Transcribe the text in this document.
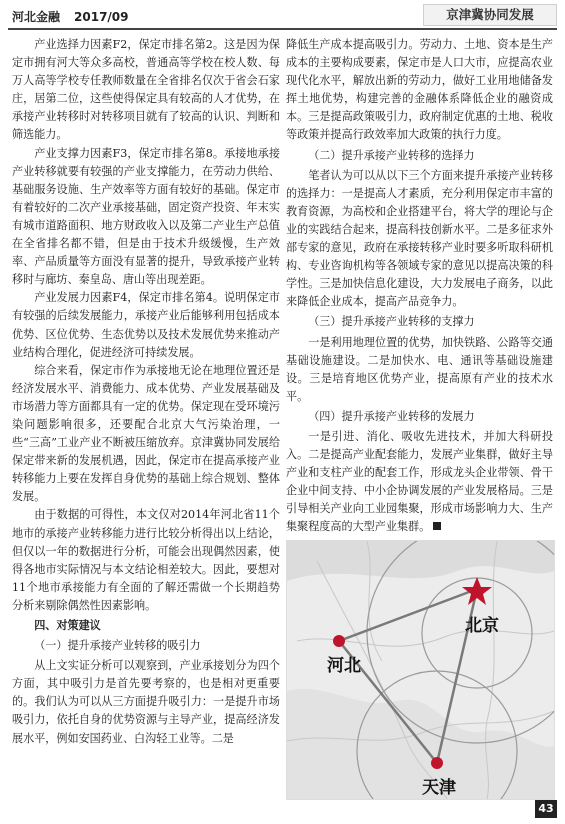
河北金融 2017/09	京津冀协同发展

产业选择力因素F2，保定市排名第2。这是因为保定市拥有河大等众多高校，普通高等学校在校人数、每万人高等学校专任教师数量在全省排名仅次于省会石家庄，居第二位，这些使得保定具有较高的人才优势，在承接产业转移时对转移项目就有了较高的认识、判断和筛选能力。

产业支撑力因素F3，保定市排名第8。承接地承接产业转移就要有较强的产业支撑能力，在劳动力供给、基础服务设施、生产效率等方面有较好的基础。保定市有着较好的二次产业承接基础，固定资产投资、年末实有城市道路面积、地方财政收入以及第二产业生产总值在全省排名都不错，但是由于技术升级缓慢，生产效率、产品质量等方面没有显著的提升，导致承接产业转移时与廊坊、秦皇岛、唐山等出现差距。

产业发展力因素F4，保定市排名第4。说明保定市有较强的后续发展能力，承接产业后能够利用包括成本优势、区位优势、生态优势以及技术发展优势来推动产业结构合理化，促进经济可持续发展。

综合来看，保定市作为承接地无论在地理位置还是经济发展水平、消费能力、成本优势、产业发展基础及市场潜力等方面都具有一定的优势。保定现在受环境污染问题影响很多，还要配合北京大气污染治理，一些“三高”工业产业不断被压缩放弃。京津冀协同发展给保定带来新的发展机遇，因此，保定市在提高承接产业转移能力上要在发挥自身优势的基础上综合规划、整体发展。

由于数据的可得性，本文仅对2014年河北省11个地市的承接产业转移能力进行比较分析得出以上结论，但仅以一年的数据进行分析，可能会出现偶然因素，使得各地市实际情况与本文结论相差较大。因此，要想对11个地市承接能力有全面的了解还需做一个长期趋势分析来剔除偶然性因素影响。

四、对策建议
（一）提升承接产业转移的吸引力

从上文实证分析可以观察到，产业承接划分为四个方面，其中吸引力是首先要考察的，也是相对更重要的。我们认为可以从三方面提升吸引力：一是提升市场吸引力，依托自身的优势资源与主导产业，提高经济发展水平，例如安国药业、白沟轻工业等。二是

降低生产成本提高吸引力。劳动力、土地、资本是生产成本的主要构成要素，保定市是人口大市，应提高农业现代化水平，解放出新的劳动力，做好工业用地储备发挥土地优势，构建完善的金融体系降低企业的融资成本。三是提高政策吸引力，政府制定优惠的土地、税收等政策并提高行政效率加大政策的执行力度。

（二）提升承接产业转移的选择力

笔者认为可以从以下三个方面来提升承接产业转移的选择力：一是提高人才素质，充分利用保定市丰富的教育资源，为高校和企业搭建平台，将大学的理论与企业的实践结合起来，提高科技创新水平。二是多征求外部专家的意见，政府在承接转移产业时要多听取科研机构、专业咨询机构等各领域专家的意见以提高决策的科学性。三是加快信息化建设，大力发展电子商务，以此来降低企业成本，提高产品竞争力。

（三）提升承接产业转移的支撑力

一是利用地理位置的优势，加快铁路、公路等交通基础设施建设。二是加快水、电、通讯等基础设施建设。三是培育地区优势产业，提高原有产业的技术水平。

（四）提升承接产业转移的发展力

一是引进、消化、吸收先进技术，并加大科研投入。二是提高产业配套能力，发展产业集群，做好主导产业和支柱产业的配套工作，形成龙头企业带领、骨干企业中间支持、中小企协调发展的产业发展格局。三是引导相关产业向工业园集聚，形成市场影响力大、生产集聚程度高的大型产业集群。

北京
河北
天津
43
